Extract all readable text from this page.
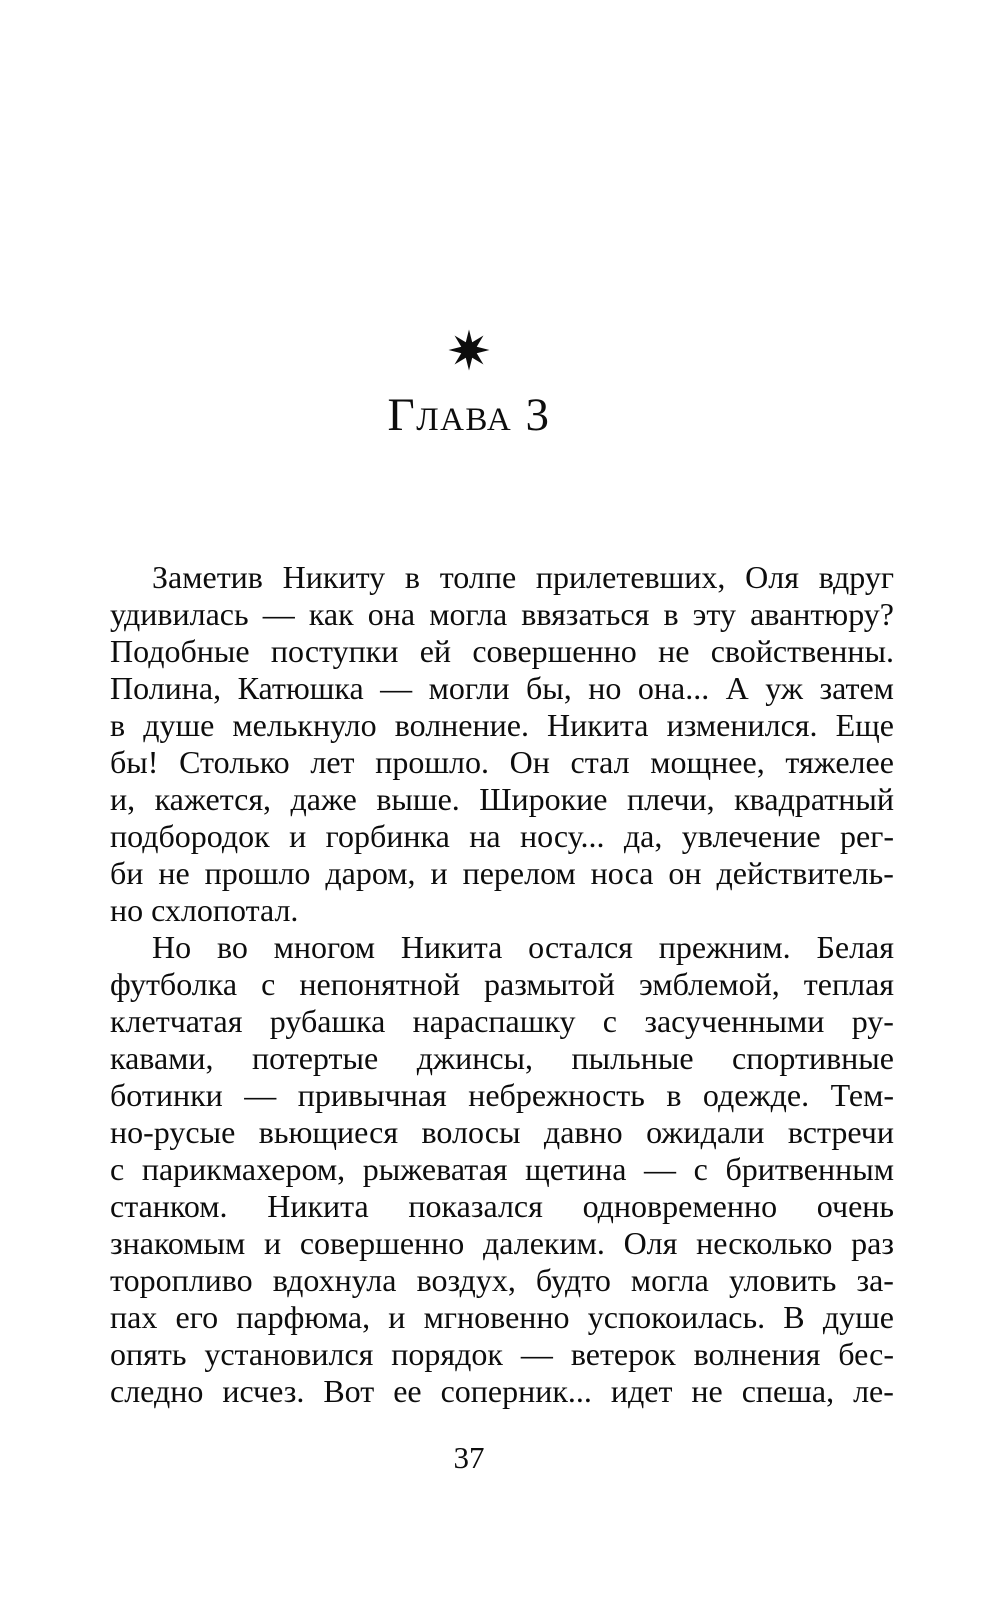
Глава 3
Заметив Никиту в толпе прилетевших, Оля вдруг
удивилась — как она могла ввязаться в эту авантюру?
Подобные поступки ей совершенно не свойственны.
Полина, Катюшка — могли бы, но она... А уж затем
в душе мелькнуло волнение. Никита изменился. Еще
бы! Столько лет прошло. Он стал мощнее, тяжелее
и, кажется, даже выше. Широкие плечи, квадратный
подбородок и горбинка на носу... да, увлечение рег-
би не прошло даром, и перелом носа он действитель-
но схлопотал.
Но во многом Никита остался прежним. Белая
футболка с непонятной размытой эмблемой, теплая
клетчатая рубашка нараспашку с засученными ру-
кавами, потертые джинсы, пыльные спортивные
ботинки — привычная небрежность в одежде. Тем-
но-русые вьющиеся волосы давно ожидали встречи
с парикмахером, рыжеватая щетина — с бритвенным
станком. Никита показался одновременно очень
знакомым и совершенно далеким. Оля несколько раз
торопливо вдохнула воздух, будто могла уловить за-
пах его парфюма, и мгновенно успокоилась. В душе
опять установился порядок — ветерок волнения бес-
следно исчез. Вот ее соперник... идет не спеша, ле-
37
